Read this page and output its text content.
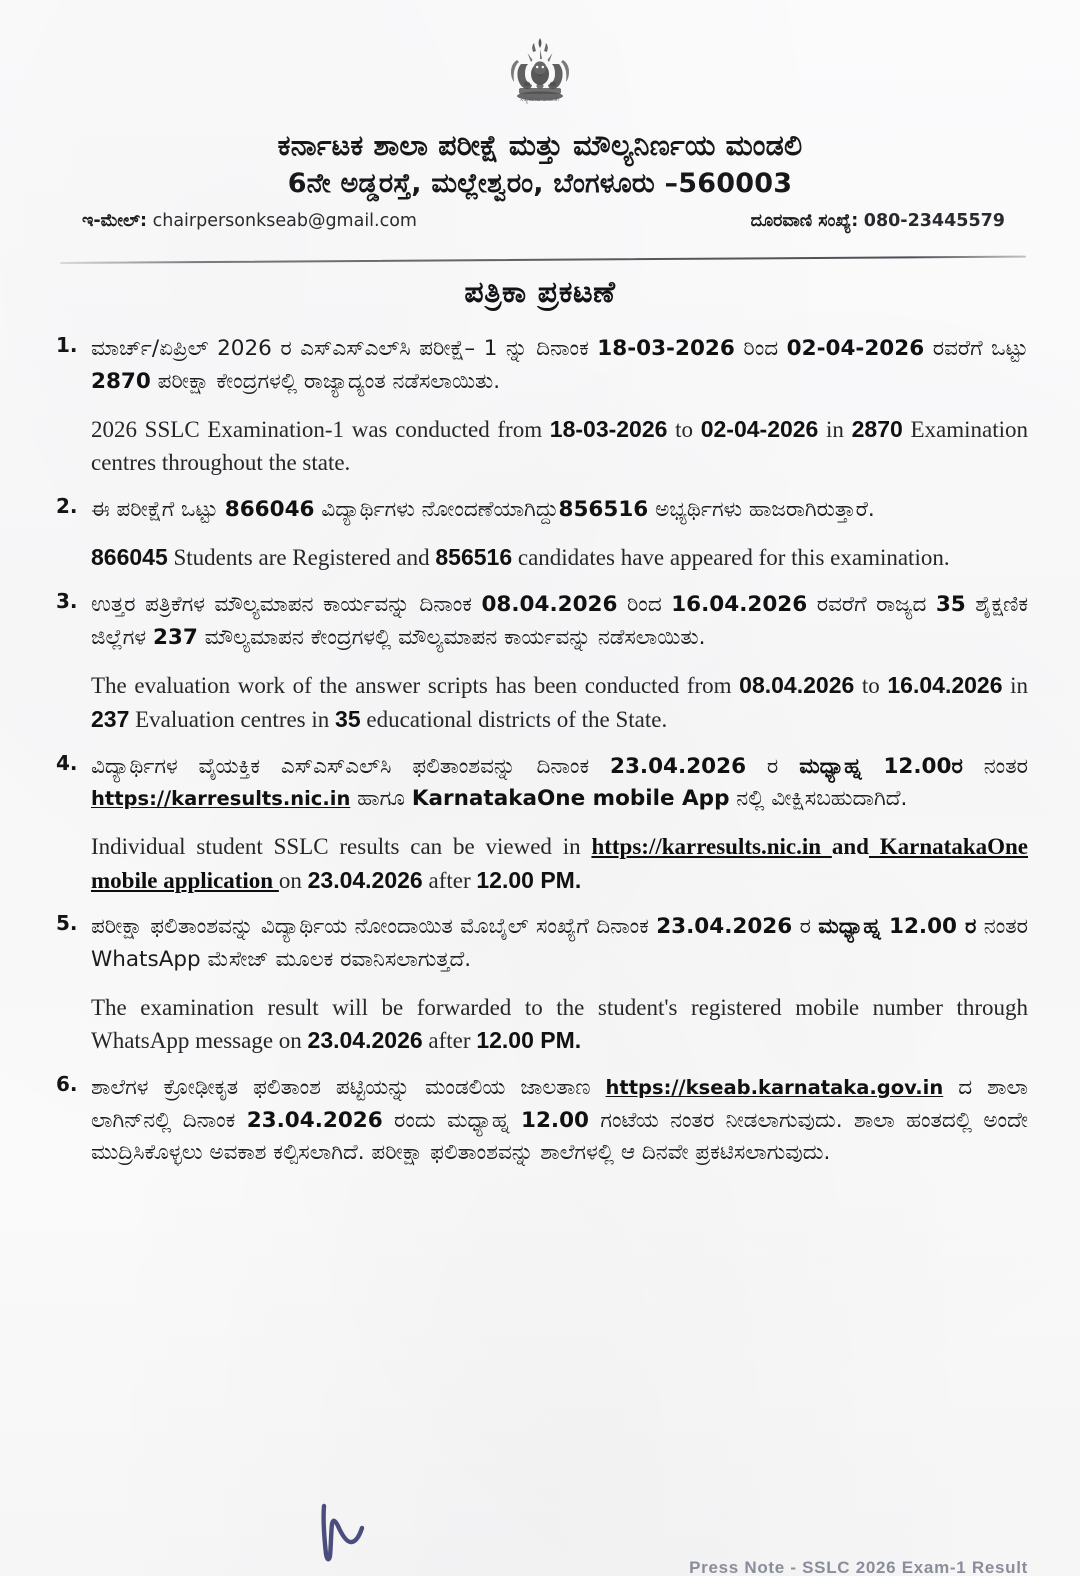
ಸತ್ಯಮೇವ ಜಯತೇ
ಕರ್ನಾಟಕ ಶಾಲಾ ಪರೀಕ್ಷೆ ಮತ್ತು ಮೌಲ್ಯನಿರ್ಣಯ ಮಂಡಲಿ
6ನೇ ಅಡ್ಡರಸ್ತೆ, ಮಲ್ಲೇಶ್ವರಂ, ಬೆಂಗಳೂರು –560003
ಇ-ಮೇಲ್: chairpersonkseab@gmail.com	ದೂರವಾಣಿ ಸಂಖ್ಯೆ: 080-23445579
ಪತ್ರಿಕಾ ಪ್ರಕಟಣೆ
1. ಮಾರ್ಚ್/ಏಪ್ರಿಲ್ 2026 ರ ಎಸ್‌ಎಸ್‌ಎಲ್‌ಸಿ ಪರೀಕ್ಷೆ– 1 ನ್ನು ದಿನಾಂಕ 18-03-2026 ರಿಂದ 02-04-2026 ರವರೆಗೆ ಒಟ್ಟು 2870 ಪರೀಕ್ಷಾ ಕೇಂದ್ರಗಳಲ್ಲಿ ರಾಜ್ಯಾದ್ಯಂತ ನಡೆಸಲಾಯಿತು.
2026 SSLC Examination-1 was conducted from 18-03-2026 to 02-04-2026 in 2870 Examination centres throughout the state.
2. ಈ ಪರೀಕ್ಷೆಗೆ ಒಟ್ಟು 866046 ವಿದ್ಯಾರ್ಥಿಗಳು ನೋಂದಣೆಯಾಗಿದ್ದು856516 ಅಭ್ಯರ್ಥಿಗಳು ಹಾಜರಾಗಿರುತ್ತಾರೆ.
866045 Students are Registered and 856516 candidates have appeared for this examination.
3. ಉತ್ತರ ಪತ್ರಿಕೆಗಳ ಮೌಲ್ಯಮಾಪನ ಕಾರ್ಯವನ್ನು ದಿನಾಂಕ 08.04.2026 ರಿಂದ 16.04.2026 ರವರೆಗೆ ರಾಜ್ಯದ 35 ಶೈಕ್ಷಣಿಕ ಜಿಲ್ಲೆಗಳ 237 ಮೌಲ್ಯಮಾಪನ ಕೇಂದ್ರಗಳಲ್ಲಿ ಮೌಲ್ಯಮಾಪನ ಕಾರ್ಯವನ್ನು ನಡೆಸಲಾಯಿತು.
The evaluation work of the answer scripts has been conducted from 08.04.2026 to 16.04.2026 in 237 Evaluation centres in 35 educational districts of the State.
4. ವಿದ್ಯಾರ್ಥಿಗಳ ವೈಯಕ್ತಿಕ ಎಸ್‌ಎಸ್‌ಎಲ್‌ಸಿ ಫಲಿತಾಂಶವನ್ನು ದಿನಾಂಕ 23.04.2026 ರ ಮಧ್ಯಾಹ್ನ 12.00ರ ನಂತರ https://karresults.nic.in ಹಾಗೂ KarnatakaOne mobile App ನಲ್ಲಿ ವೀಕ್ಷಿಸಬಹುದಾಗಿದೆ.
Individual student SSLC results can be viewed in https://karresults.nic.in and KarnatakaOne mobile application on 23.04.2026 after 12.00 PM.
5. ಪರೀಕ್ಷಾ ಫಲಿತಾಂಶವನ್ನು ವಿದ್ಯಾರ್ಥಿಯ ನೋಂದಾಯಿತ ಮೊಬೈಲ್ ಸಂಖ್ಯೆಗೆ ದಿನಾಂಕ 23.04.2026 ರ ಮಧ್ಯಾಹ್ನ 12.00 ರ ನಂತರ WhatsApp ಮೆಸೇಜ್ ಮೂಲಕ ರವಾನಿಸಲಾಗುತ್ತದೆ.
The examination result will be forwarded to the student's registered mobile number through WhatsApp message on 23.04.2026 after 12.00 PM.
6. ಶಾಲೆಗಳ ಕ್ರೋಢೀಕೃತ ಫಲಿತಾಂಶ ಪಟ್ಟಿಯನ್ನು ಮಂಡಲಿಯ ಜಾಲತಾಣ https://kseab.karnataka.gov.in ದ ಶಾಲಾ ಲಾಗಿನ್‌ನಲ್ಲಿ ದಿನಾಂಕ 23.04.2026 ರಂದು ಮಧ್ಯಾಹ್ನ 12.00 ಗಂಟೆಯ ನಂತರ ನೀಡಲಾಗುವುದು. ಶಾಲಾ ಹಂತದಲ್ಲಿ ಅಂದೇ ಮುದ್ರಿಸಿಕೊಳ್ಳಲು ಅವಕಾಶ ಕಲ್ಪಿಸಲಾಗಿದೆ. ಪರೀಕ್ಷಾ ಫಲಿತಾಂಶವನ್ನು ಶಾಲೆಗಳಲ್ಲಿ ಆ ದಿನವೇ ಪ್ರಕಟಿಸಲಾಗುವುದು.
Press Note - SSLC 2026 Exam-1 Result
